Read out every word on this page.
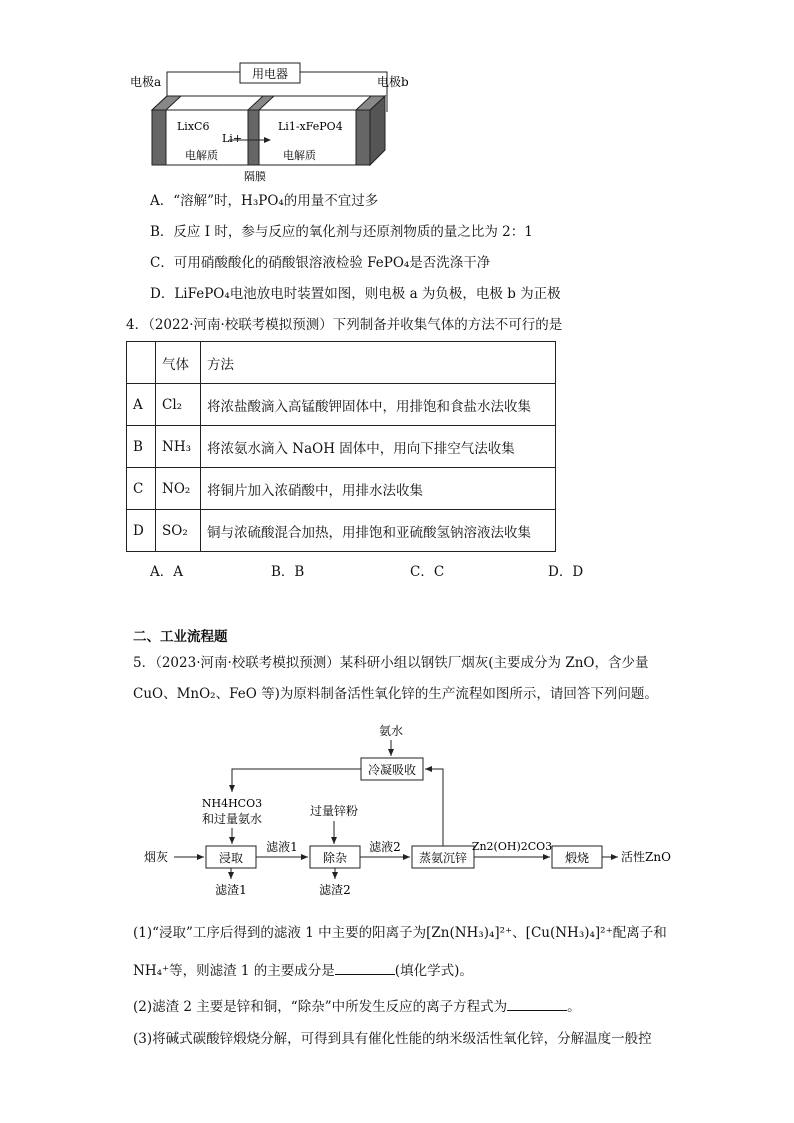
用电器
电极a	电极b
LixC6
Li+
Li1-xFePO4
电解质	电解质
隔膜
A．“溶解”时，H₃PO₄的用量不宜过多
B．反应 I 时，参与反应的氧化剂与还原剂物质的量之比为 2：1
C．可用硝酸酸化的硝酸银溶液检验 FePO₄是否洗涤干净
D．LiFePO₄电池放电时装置如图，则电极 a 为负极，电极 b 为正极
4．（2022·河南·校联考模拟预测）下列制备并收集气体的方法不可行的是
	气体	方法
A	Cl₂	将浓盐酸滴入高锰酸钾固体中，用排饱和食盐水法收集
B	NH₃	将浓氨水滴入 NaOH 固体中，用向下排空气法收集
C	NO₂	将铜片加入浓硝酸中，用排水法收集
D	SO₂	铜与浓硫酸混合加热，用排饱和亚硫酸氢钠溶液法收集
A．A	B．B	C．C	D．D
二、工业流程题
5．（2023·河南·校联考模拟预测）某科研小组以钢铁厂烟灰(主要成分为 ZnO，含少量
CuO、MnO₂、FeO 等)为原料制备活性氧化锌的生产流程如图所示，请回答下列问题。
氨水
冷凝吸收
NH4HCO3
和过量氨水
过量锌粉
烟灰	浸取
滤液1
滤渣1
除杂
滤液2
滤渣2
蒸氨沉锌
Zn2(OH)2CO3
煅烧	活性ZnO
(1)“浸取”工序后得到的滤液 1 中主要的阳离子为[Zn(NH₃)₄]²⁺、[Cu(NH₃)₄]²⁺配离子和
NH₄⁺等，则滤渣 1 的主要成分是	(填化学式)。
(2)滤渣 2 主要是锌和铜，“除杂”中所发生反应的离子方程式为	。
(3)将碱式碳酸锌煅烧分解，可得到具有催化性能的纳米级活性氧化锌，分解温度一般控
